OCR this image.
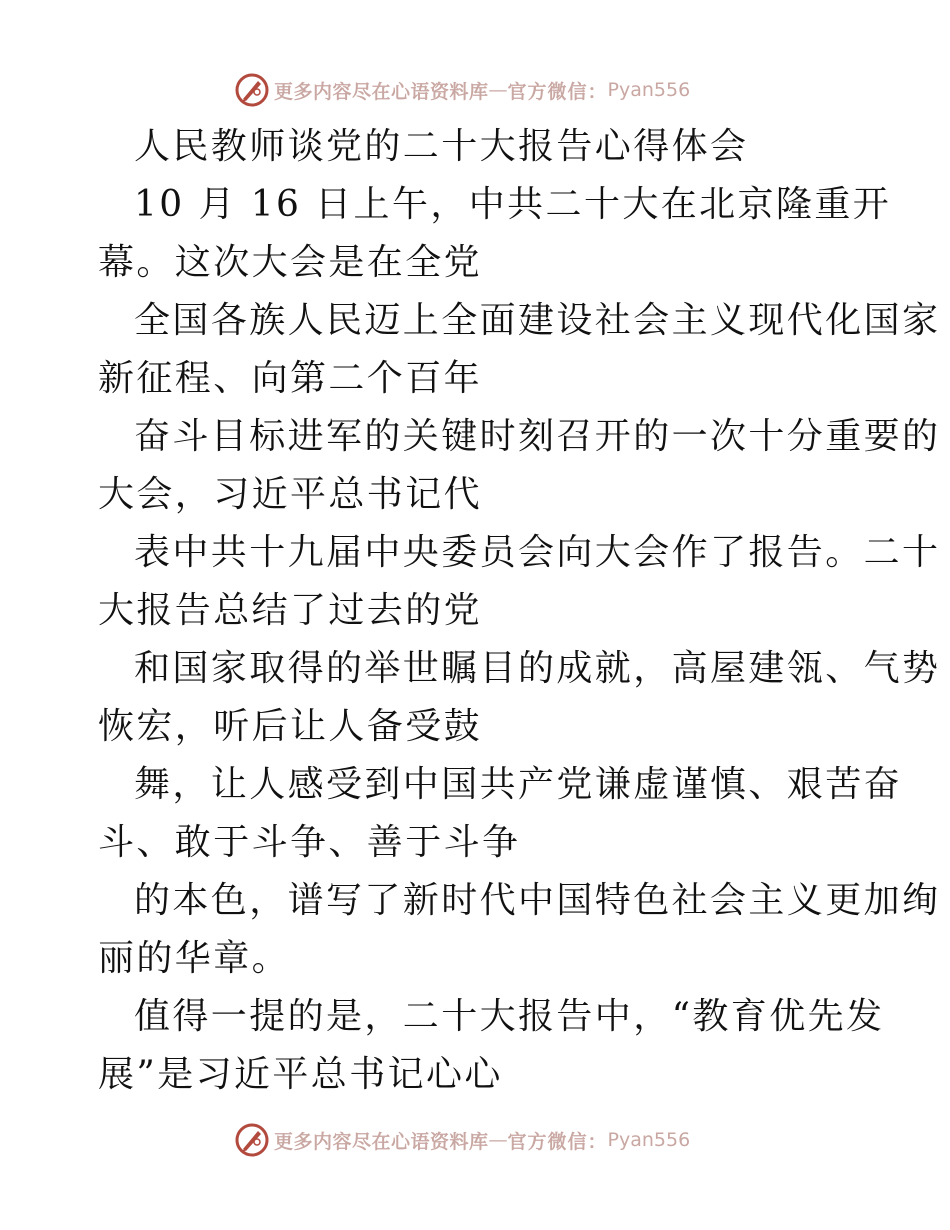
更多内容尽在心语资料库 — 官方微信： Pyan556
人民教师谈党的二十大报告心得体会
10 月 16 日上午，中共二十大在北京隆重开
幕。这次大会是在全党
全国各族人民迈上全面建设社会主义现代化国家
新征程、向第二个百年
奋斗目标进军的关键时刻召开的一次十分重要的
大会，习近平总书记代
表中共十九届中央委员会向大会作了报告。二十
大报告总结了过去的党
和国家取得的举世瞩目的成就，高屋建瓴、气势
恢宏，听后让人备受鼓
舞，让人感受到中国共产党谦虚谨慎、艰苦奋
斗、敢于斗争、善于斗争
的本色，谱写了新时代中国特色社会主义更加绚
丽的华章。
值得一提的是，二十大报告中，“教育优先发
展”是习近平总书记心心
更多内容尽在心语资料库 — 官方微信： Pyan556
